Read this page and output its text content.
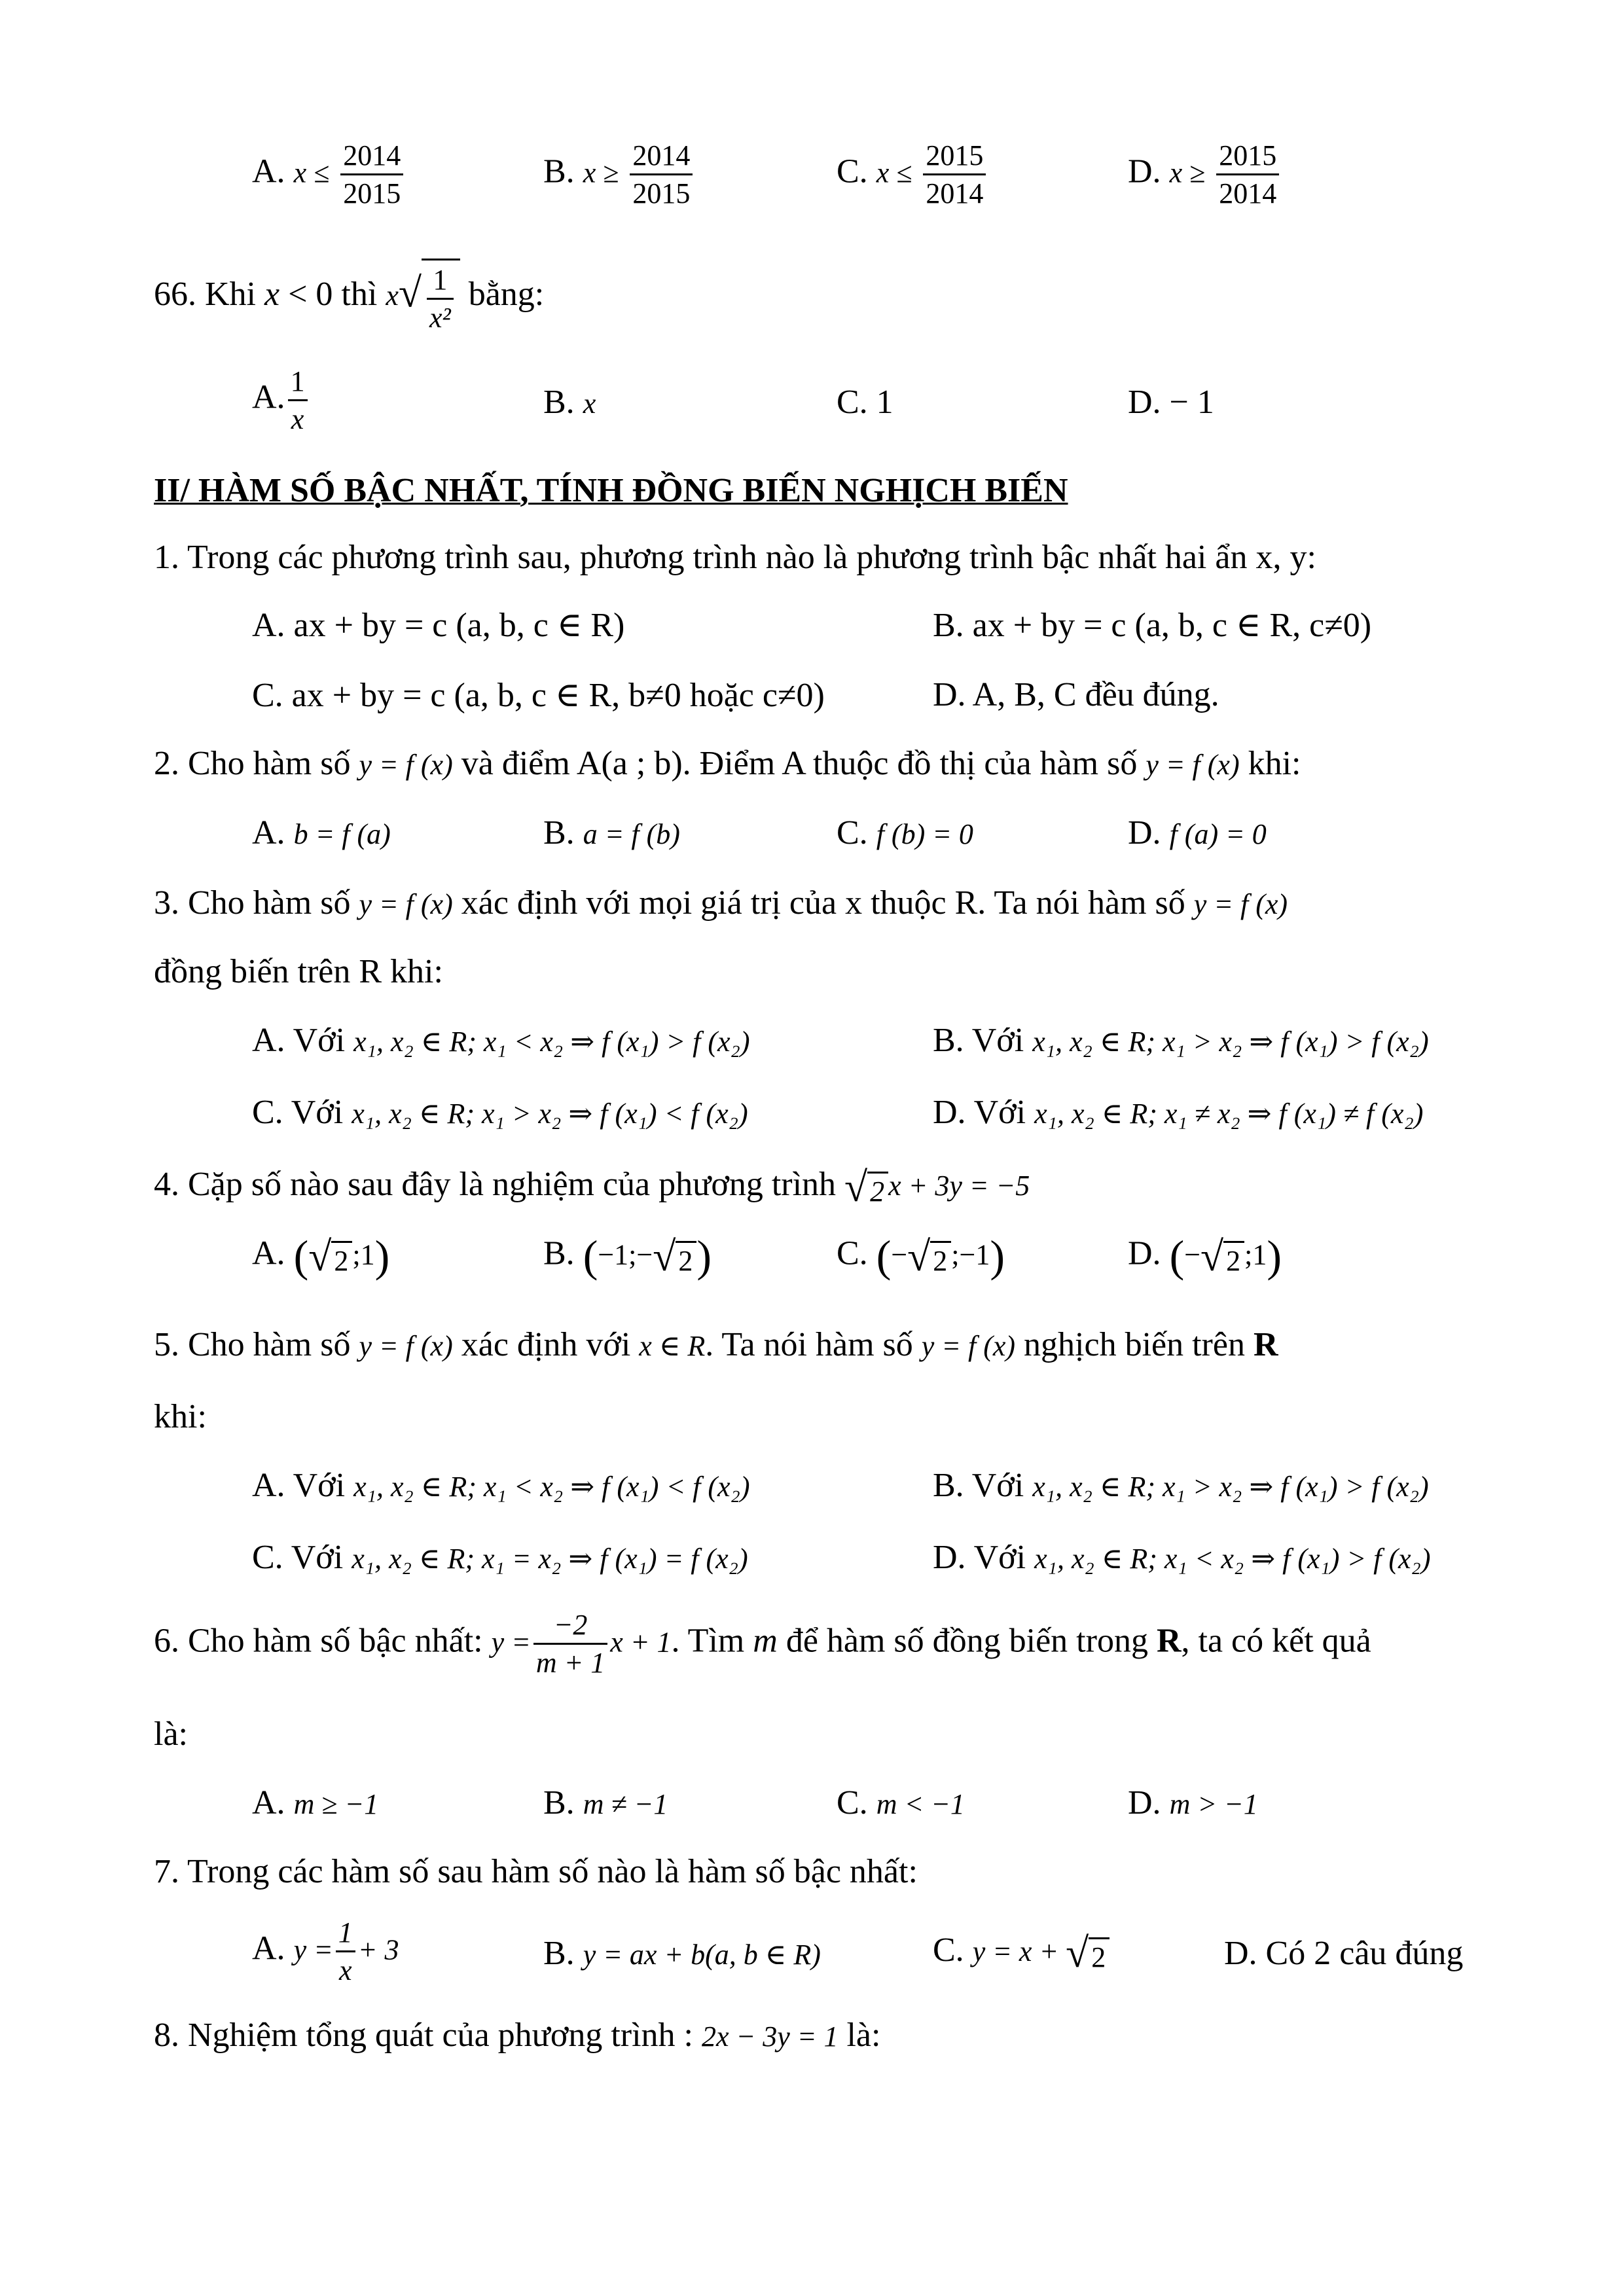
A. $x \le \frac{2014}{2015}$	B. $x \ge \frac{2014}{2015}$	C. $x \le \frac{2015}{2014}$	D. $x \ge \frac{2015}{2014}$
66. Khi x < 0 thì $x√ \frac{1}{\text{x²}}$ bằng:
A. $\frac{1}{x}$	B. x	C. 1	D. − 1
II/ HÀM SỐ BẬC NHẤT, TÍNH ĐỒNG BIẾN NGHỊCH BIẾN
1. Trong các phương trình sau, phương trình nào là phương trình bậc nhất hai ẩn x, y:
A. ax + by = c (a, b, c ∈ R)	B. ax + by = c (a, b, c ∈ R, c≠0)
C. ax + by = c (a, b, c ∈ R, b≠0 hoặc c≠0)	D. A, B, C đều đúng.
2. Cho hàm số y = f (x) và điểm A(a ; b). Điểm A thuộc đồ thị của hàm số y = f (x) khi:
A. b = f (a)	B. a = f (b)	C. f (b) = 0	D. f (a) = 0
3. Cho hàm số y = f (x) xác định với mọi giá trị của x thuộc R. Ta nói hàm số y = f (x)
đồng biến trên R khi:
A. Với x₁, x₂ ∈ R; x₁ < x₂ ⇒ f (x₁) > f (x₂)	B. Với x₁, x₂ ∈ R; x₁ > x₂ ⇒ f (x₁) > f (x₂)
C. Với x₁, x₂ ∈ R; x₁ > x₂ ⇒ f (x₁) < f (x₂)	D. Với x₁, x₂ ∈ R; x₁ ≠ x₂ ⇒ f (x₁) ≠ f (x₂)
4. Cặp số nào sau đây là nghiệm của phương trình √2 x + 3y = −5
A. (√2 ;1)	B. (−1;−√2)	C. (−√2 ;−1)	D. (−√2 ;1)
5. Cho hàm số y = f (x) xác định với x ∈ R. Ta nói hàm số y = f (x) nghịch biến trên R
khi:
A. Với x₁, x₂ ∈ R; x₁ < x₂ ⇒ f (x₁) < f (x₂)	B. Với x₁, x₂ ∈ R; x₁ > x₂ ⇒ f (x₁) > f (x₂)
C. Với x₁, x₂ ∈ R; x₁ = x₂ ⇒ f (x₁) = f (x₂)	D. Với x₁, x₂ ∈ R; x₁ < x₂ ⇒ f (x₁) > f (x₂)
6. Cho hàm số bậc nhất: $y = \frac{-2}{m + 1}$ x + 1. Tìm m để hàm số đồng biến trong R, ta có kết quả
là:
A. m ≥ −1	B. m ≠ −1	C. m < −1	D. m > −1
7. Trong các hàm số sau hàm số nào là hàm số bậc nhất:
A. $y = \frac{1}{x} + 3$	B. y = ax + b(a, b ∈ R)	C. y = x + √2	D. Có 2 câu đúng
8. Nghiệm tổng quát của phương trình : 2x − 3y = 1 là:
